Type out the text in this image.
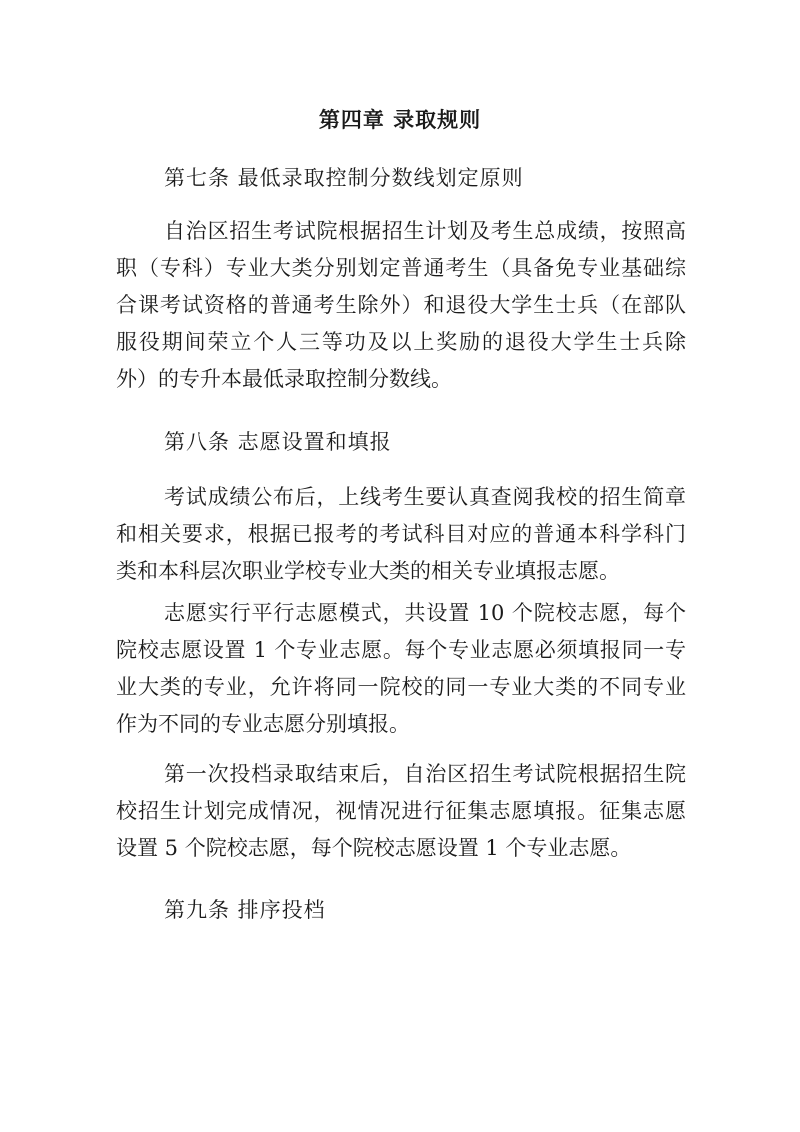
第四章 录取规则
第七条 最低录取控制分数线划定原则
自治区招生考试院根据招生计划及考生总成绩，按照高
职（专科）专业大类分别划定普通考生（具备免专业基础综
合课考试资格的普通考生除外）和退役大学生士兵（在部队
服役期间荣立个人三等功及以上奖励的退役大学生士兵除
外）的专升本最低录取控制分数线。
第八条 志愿设置和填报
考试成绩公布后，上线考生要认真查阅我校的招生简章
和相关要求，根据已报考的考试科目对应的普通本科学科门
类和本科层次职业学校专业大类的相关专业填报志愿。
志愿实行平行志愿模式，共设置 10 个院校志愿，每个
院校志愿设置 1 个专业志愿。每个专业志愿必须填报同一专
业大类的专业，允许将同一院校的同一专业大类的不同专业
作为不同的专业志愿分别填报。
第一次投档录取结束后，自治区招生考试院根据招生院
校招生计划完成情况，视情况进行征集志愿填报。征集志愿
设置 5 个院校志愿，每个院校志愿设置 1 个专业志愿。
第九条 排序投档
